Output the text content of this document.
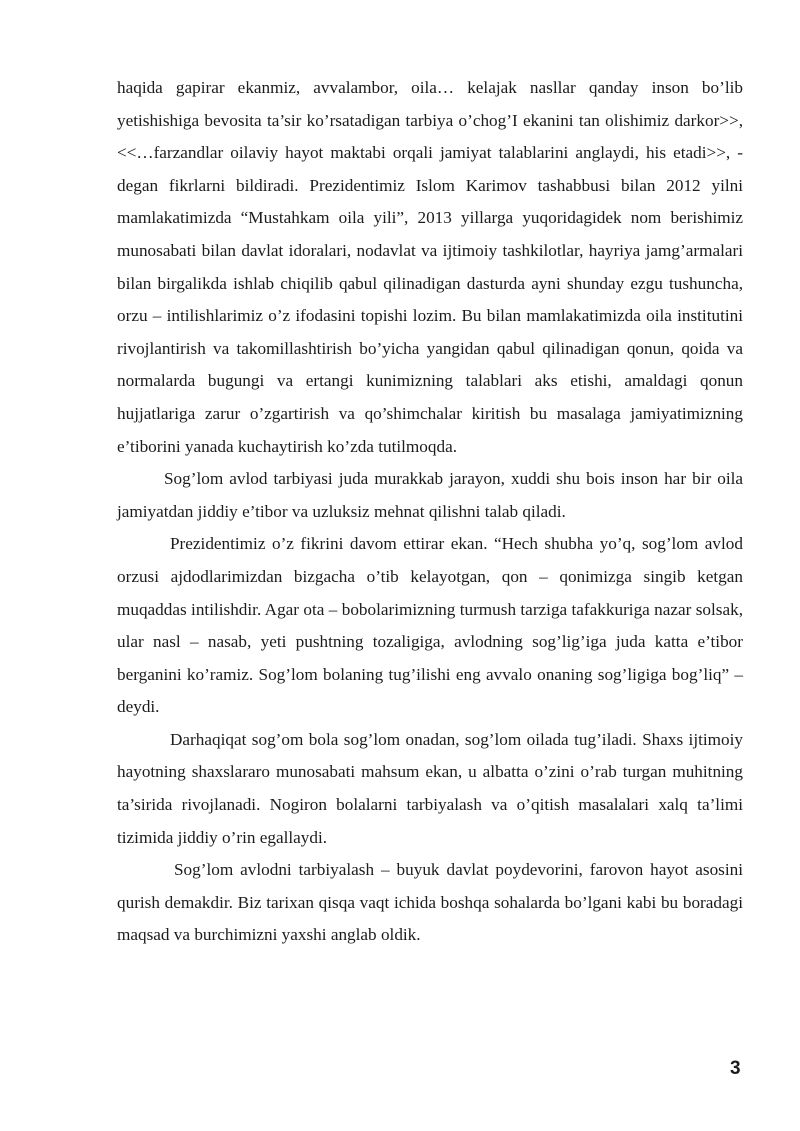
haqida gapirar ekanmiz, avvalambor, oila… kelajak nasllar qanday inson bo’lib yetishishiga bevosita ta’sir ko’rsatadigan tarbiya o’chog’I ekanini tan olishimiz darkor>>, <<…farzandlar oilaviy hayot maktabi orqali jamiyat talablarini anglaydi, his etadi>>, - degan fikrlarni bildiradi. Prezidentimiz Islom Karimov tashabbusi bilan 2012 yilni mamlakatimizda “Mustahkam oila yili”, 2013 yillarga yuqoridagidek nom berishimiz munosabati bilan davlat idoralari, nodavlat va ijtimoiy tashkilotlar, hayriya jamg’armalari bilan birgalikda ishlab chiqilib qabul qilinadigan dasturda ayni shunday ezgu tushuncha, orzu – intilishlarimiz o’z ifodasini topishi lozim. Bu bilan mamlakatimizda oila institutini rivojlantirish va takomillashtirish bo’yicha yangidan qabul qilinadigan qonun, qoida va normalarda bugungi va ertangi kunimizning talablari aks etishi, amaldagi qonun hujjatlariga zarur o’zgartirish va qo’shimchalar kiritish bu masalaga jamiyatimizning e’tiborini yanada kuchaytirish ko’zda tutilmoqda.

Sog’lom avlod tarbiyasi juda murakkab jarayon, xuddi shu bois inson har bir oila jamiyatdan jiddiy e’tibor va uzluksiz mehnat qilishni talab qiladi.

Prezidentimiz o’z fikrini davom ettirar ekan. “Hech shubha yo’q, sog’lom avlod orzusi ajdodlarimizdan bizgacha o’tib kelayotgan, qon – qonimizga singib ketgan muqaddas intilishdir. Agar ota – bobolarimizning turmush tarziga tafakkuriga nazar solsak, ular nasl – nasab, yeti pushtning tozaligiga, avlodning sog’lig’iga juda katta e’tibor berganini ko’ramiz. Sog’lom bolaning tug’ilishi eng avvalo onaning sog’ligiga bog’liq” – deydi.

Darhaqiqat sog’om bola sog’lom onadan, sog’lom oilada tug’iladi. Shaxs ijtimoiy hayotning shaxslararo munosabati mahsum ekan, u albatta o’zini o’rab turgan muhitning ta’sirida rivojlanadi. Nogiron bolalarni tarbiyalash va o’qitish masalalari xalq ta’limi tizimida jiddiy o’rin egallaydi.

Sog’lom avlodni tarbiyalash – buyuk davlat poydevorini, farovon hayot asosini qurish demakdir. Biz tarixan qisqa vaqt ichida boshqa sohalarda bo’lgani kabi bu boradagi maqsad va burchimizni yaxshi anglab oldik.

3
